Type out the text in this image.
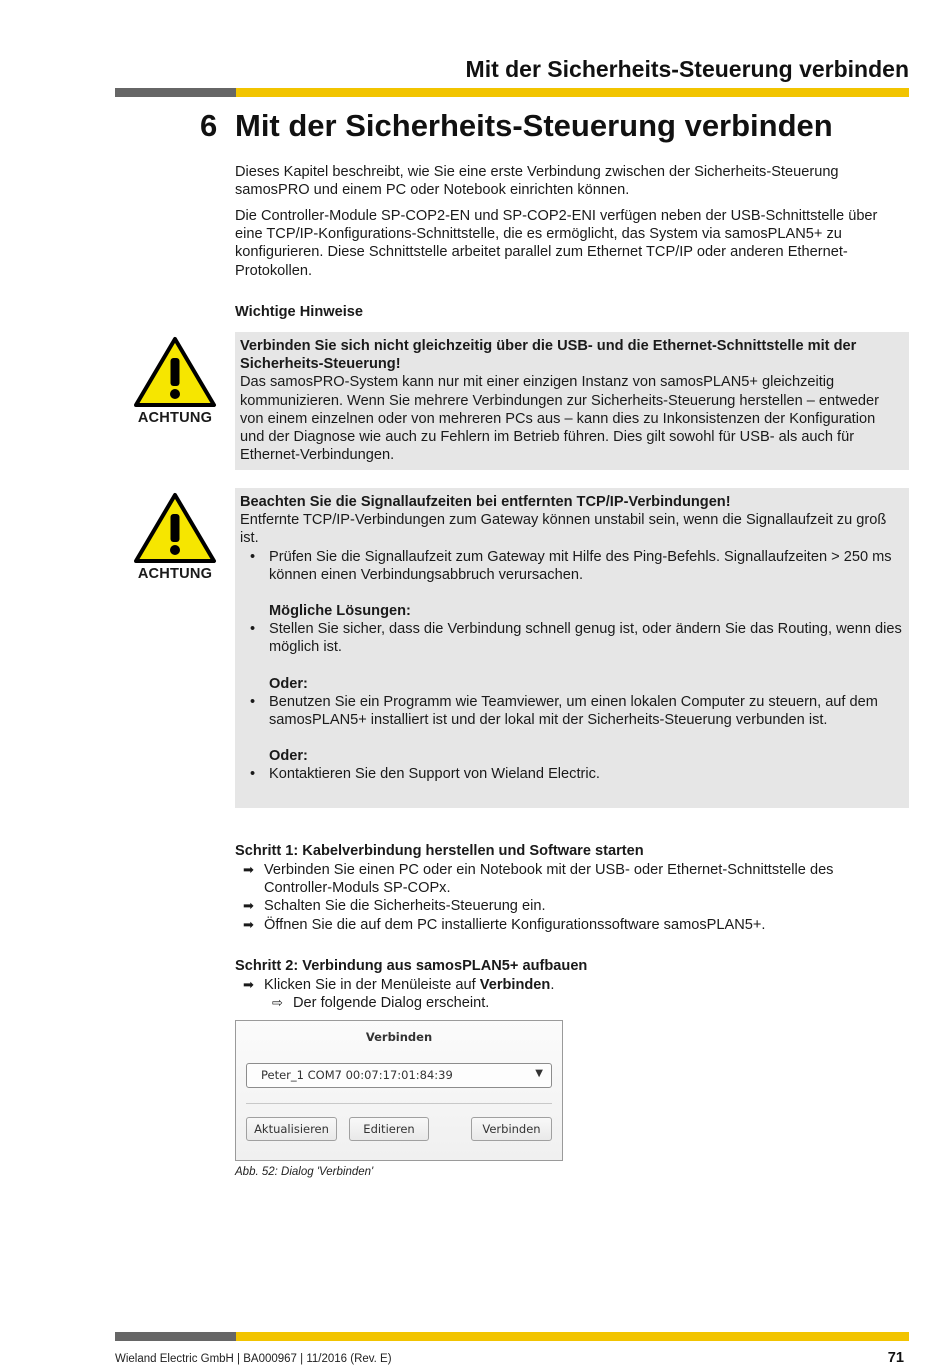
Mit der Sicherheits-Steuerung verbinden
6 Mit der Sicherheits-Steuerung verbinden
Dieses Kapitel beschreibt, wie Sie eine erste Verbindung zwischen der Sicherheits-Steuerung samosPRO und einem PC oder Notebook einrichten können.
Die Controller-Module SP-COP2-EN und SP-COP2-ENI verfügen neben der USB-Schnittstelle über eine TCP/IP-Konfigurations-Schnittstelle, die es ermöglicht, das System via samosPLAN5+ zu konfigurieren. Diese Schnittstelle arbeitet parallel zum Ethernet TCP/IP oder anderen Ethernet-Protokollen.
Wichtige Hinweise
ACHTUNG
Verbinden Sie sich nicht gleichzeitig über die USB- und die Ethernet-Schnittstelle mit der Sicherheits-Steuerung!
Das samosPRO-System kann nur mit einer einzigen Instanz von samosPLAN5+ gleichzeitig kommunizieren. Wenn Sie mehrere Verbindungen zur Sicherheits-Steuerung herstellen – entweder von einem einzelnen oder von mehreren PCs aus – kann dies zu Inkonsistenzen der Konfiguration und der Diagnose wie auch zu Fehlern im Betrieb führen. Dies gilt sowohl für USB- als auch für Ethernet-Verbindungen.
ACHTUNG
Beachten Sie die Signallaufzeiten bei entfernten TCP/IP-Verbindungen!
Entfernte TCP/IP-Verbindungen zum Gateway können unstabil sein, wenn die Signallaufzeit zu groß ist.
• Prüfen Sie die Signallaufzeit zum Gateway mit Hilfe des Ping-Befehls. Signallaufzeiten > 250 ms können einen Verbindungsabbruch verursachen.
Mögliche Lösungen:
• Stellen Sie sicher, dass die Verbindung schnell genug ist, oder ändern Sie das Routing, wenn dies möglich ist.
Oder:
• Benutzen Sie ein Programm wie Teamviewer, um einen lokalen Computer zu steuern, auf dem samosPLAN5+ installiert ist und der lokal mit der Sicherheits-Steuerung verbunden ist.
Oder:
• Kontaktieren Sie den Support von Wieland Electric.
Schritt 1: Kabelverbindung herstellen und Software starten
➡ Verbinden Sie einen PC oder ein Notebook mit der USB- oder Ethernet-Schnittstelle des Controller-Moduls SP-COPx.
➡ Schalten Sie die Sicherheits-Steuerung ein.
➡ Öffnen Sie die auf dem PC installierte Konfigurationssoftware samosPLAN5+.
Schritt 2: Verbindung aus samosPLAN5+ aufbauen
➡ Klicken Sie in der Menüleiste auf Verbinden.
⇨ Der folgende Dialog erscheint.
Verbinden
Peter_1 COM7 00:07:17:01:84:39	▼
Aktualisieren	Editieren	Verbinden
Abb. 52: Dialog 'Verbinden'
Wieland Electric GmbH | BA000967 | 11/2016 (Rev. E)	71
